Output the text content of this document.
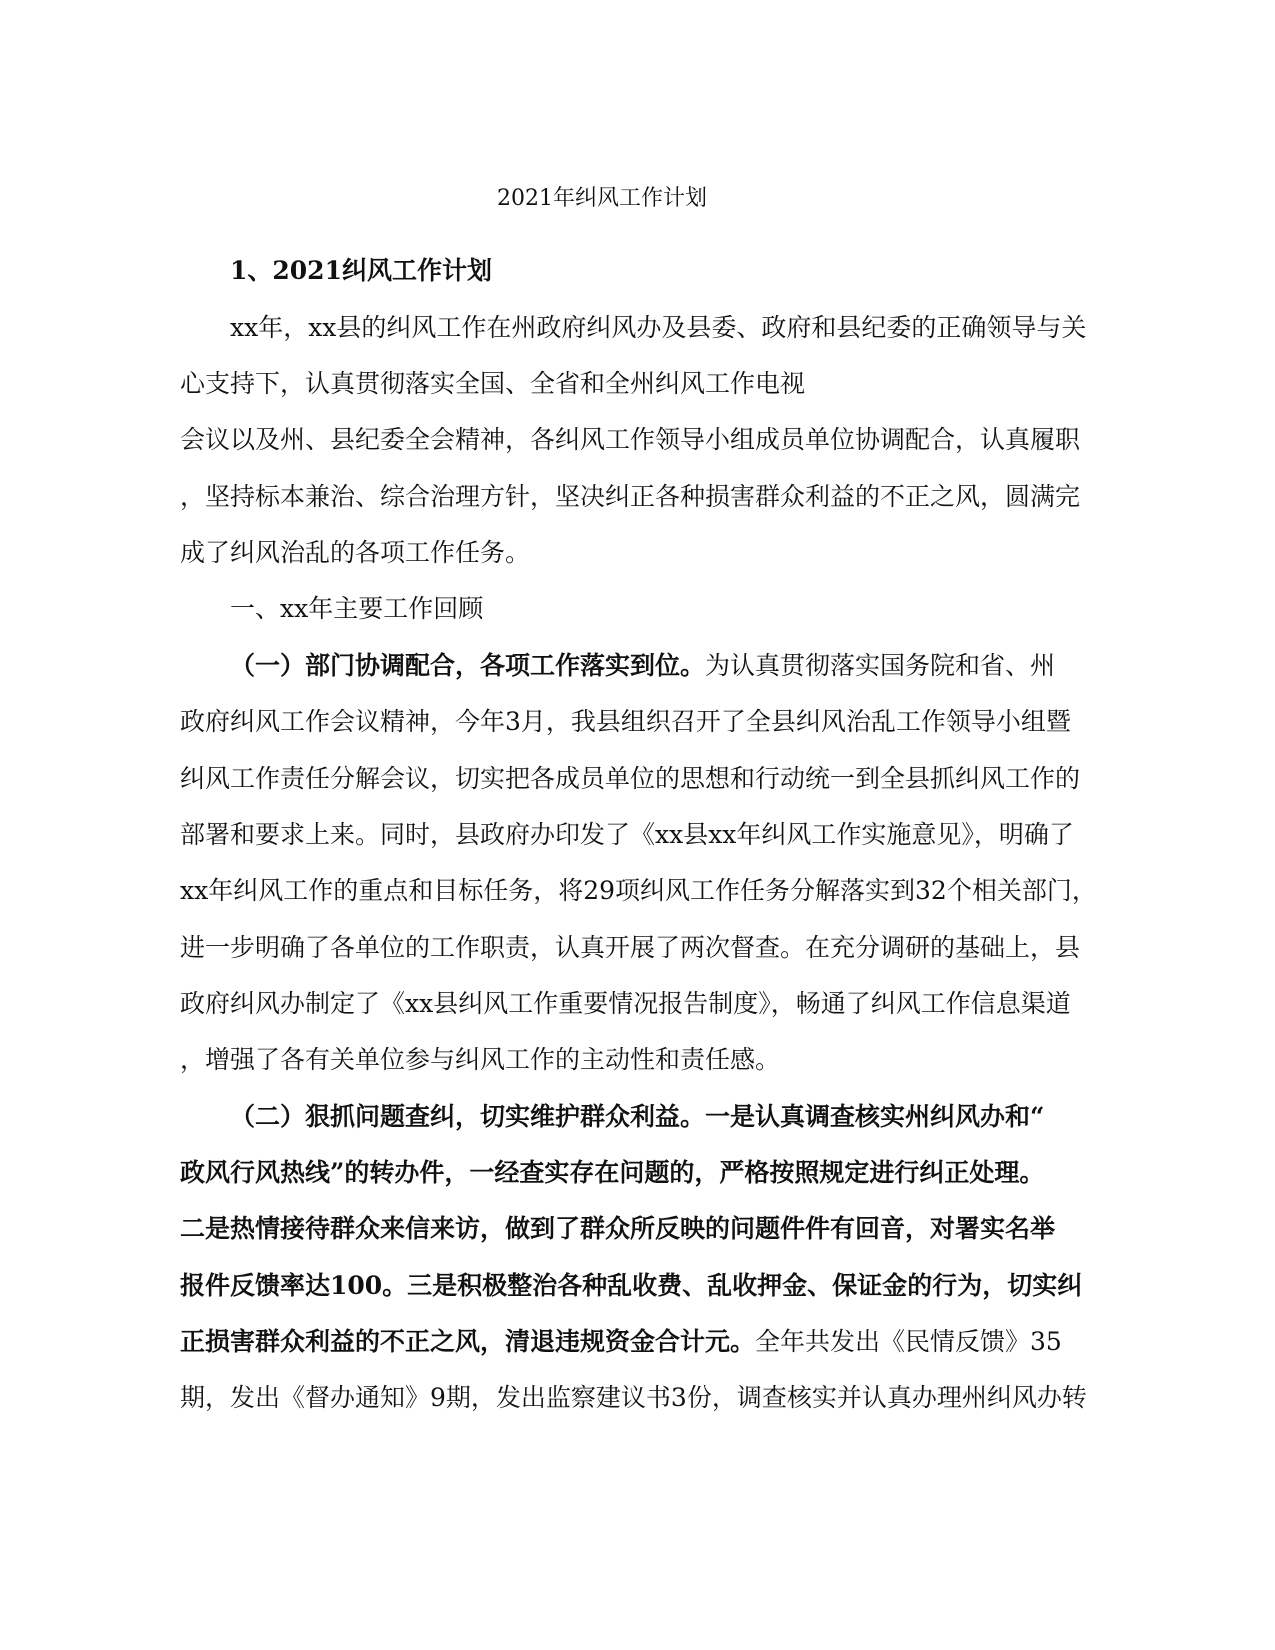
2021年纠风工作计划
1、2021纠风工作计划
xx年，xx县的纠风工作在州政府纠风办及县委、政府和县纪委的正确领导与关
心支持下，认真贯彻落实全国、全省和全州纠风工作电视
会议以及州、县纪委全会精神，各纠风工作领导小组成员单位协调配合，认真履职
，坚持标本兼治、综合治理方针，坚决纠正各种损害群众利益的不正之风，圆满完
成了纠风治乱的各项工作任务。
一、xx年主要工作回顾
（一）部门协调配合，各项工作落实到位。为认真贯彻落实国务院和省、州
政府纠风工作会议精神，今年3月，我县组织召开了全县纠风治乱工作领导小组暨
纠风工作责任分解会议，切实把各成员单位的思想和行动统一到全县抓纠风工作的
部署和要求上来。同时，县政府办印发了《xx县xx年纠风工作实施意见》，明确了
xx年纠风工作的重点和目标任务，将29项纠风工作任务分解落实到32个相关部门，
进一步明确了各单位的工作职责，认真开展了两次督查。在充分调研的基础上，县
政府纠风办制定了《xx县纠风工作重要情况报告制度》，畅通了纠风工作信息渠道
，增强了各有关单位参与纠风工作的主动性和责任感。
（二）狠抓问题查纠，切实维护群众利益。一是认真调查核实州纠风办和“
政风行风热线”的转办件，一经查实存在问题的，严格按照规定进行纠正处理。
二是热情接待群众来信来访，做到了群众所反映的问题件件有回音，对署实名举
报件反馈率达100。三是积极整治各种乱收费、乱收押金、保证金的行为，切实纠
正损害群众利益的不正之风，清退违规资金合计元。全年共发出《民情反馈》35
期，发出《督办通知》9期，发出监察建议书3份，调查核实并认真办理州纠风办转
